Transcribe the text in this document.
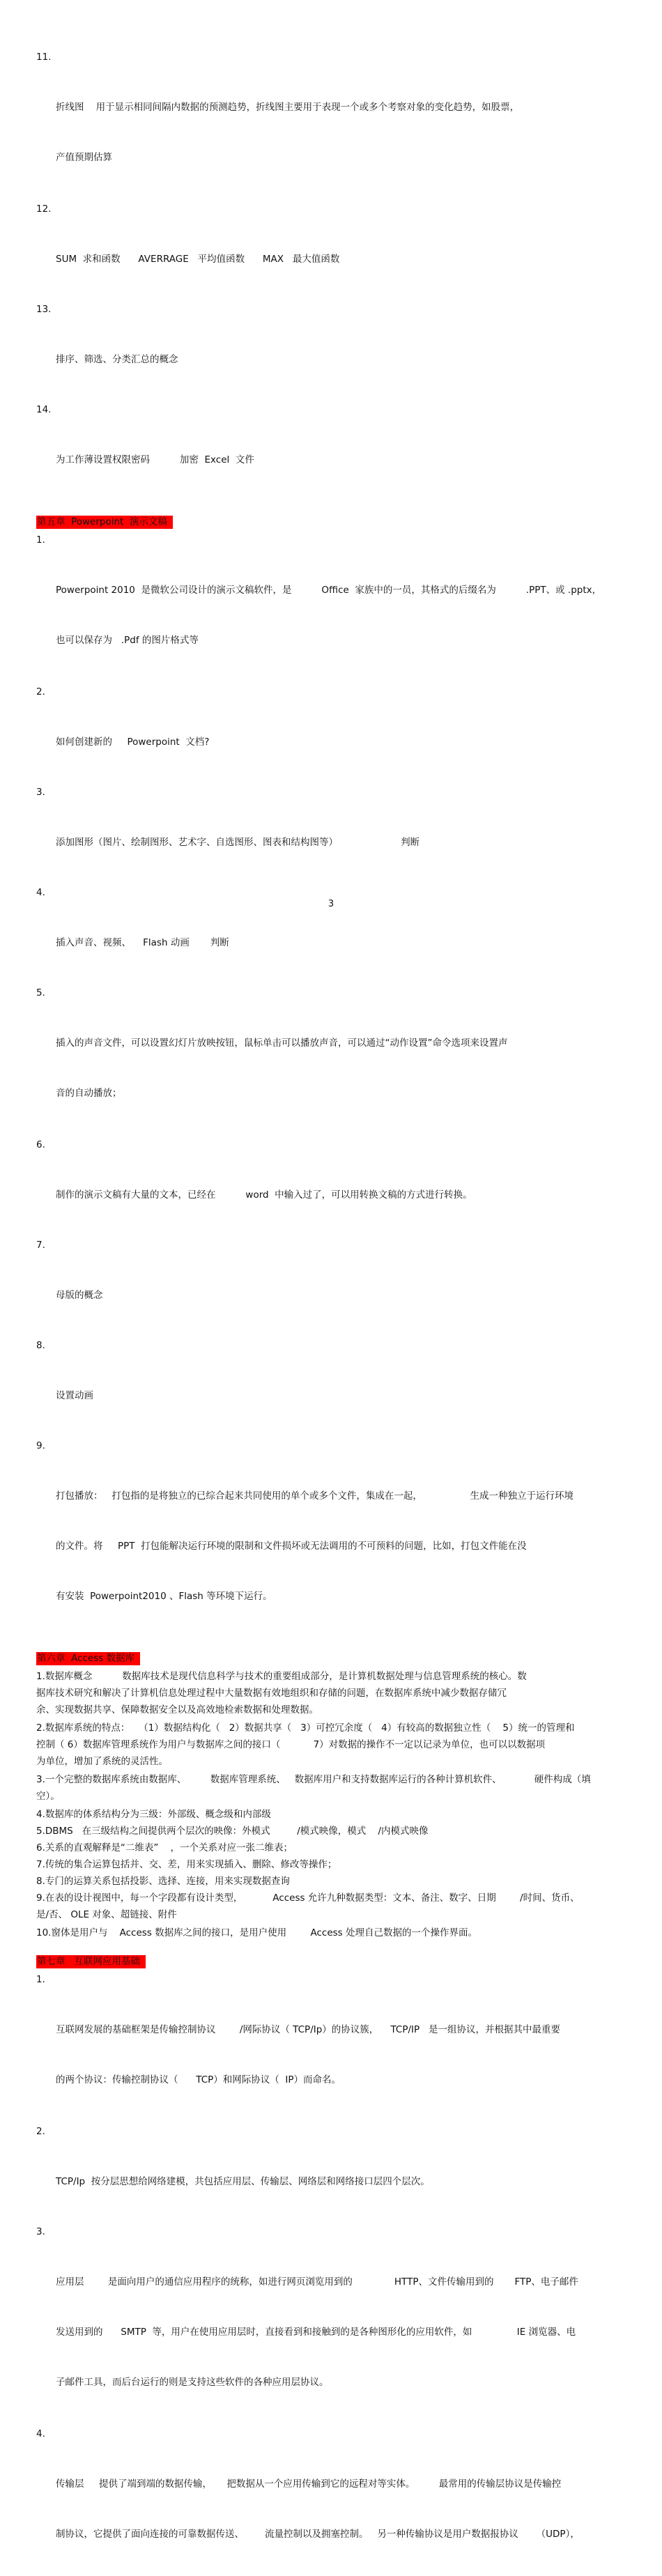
11.

折线图    用于显示相同间隔内数据的预测趋势，折线图主要用于表现一个或多个考察对象的变化趋势，如股票，

产值预期估算

12.

SUM  求和函数      AVERRAGE   平均值函数      MAX   最大值函数

13.

排序、筛选、分类汇总的概念

14.

为工作薄设置权限密码          加密  Excel  文件

第五章  Powerpoint  演示文稿

1.

Powerpoint 2010  是微软公司设计的演示文稿软件，是          Office  家族中的一员，其格式的后缀名为          .PPT、或 .pptx，

也可以保存为   .Pdf 的图片格式等

2.

如何创建新的     Powerpoint  文档?

3.

添加图形（图片、绘制图形、艺术字、自选图形、图表和结构图等）                     判断

4.

插入声音、视频、    Flash 动画       判断

5.

插入的声音文件，可以设置幻灯片放映按钮，鼠标单击可以播放声音，可以通过“动作设置”命令选项来设置声

音的自动播放；

6.

制作的演示文稿有大量的文本，已经在          word  中输入过了，可以用转换文稿的方式进行转换。

7.

母版的概念

8.

设置动画

9.

打包播放：   打包指的是将独立的已综合起来共同使用的单个或多个文件，集成在一起，                生成一种独立于运行环境

的文件。将     PPT  打包能解决运行环境的限制和文件损坏或无法调用的不可预料的问题，比如，打包文件能在没

有安装  Powerpoint2010 、Flash 等环境下运行。

第六章  Access 数据库
1.数据库概念          数据库技术是现代信息科学与技术的重要组成部分，是计算机数据处理与信息管理系统的核心。数
据库技术研究和解决了计算机信息处理过程中大量数据有效地组织和存储的问题，在数据库系统中减少数据存储冗
余、实现数据共享、保障数据安全以及高效地检索数据和处理数据。
2.数据库系统的特点：   （1）数据结构化（   2）数据共享（   3）可控冗余度（   4）有较高的数据独立性（    5）统一的管理和
控制（ 6）数据库管理系统作为用户与数据库之间的接口（           7）对数据的操作不一定以记录为单位，也可以以数据项
为单位，增加了系统的灵活性。
3.一个完整的数据库系统由数据库、        数据库管理系统、   数据库用户和支持数据库运行的各种计算机软件、           硬件构成（填
空）。
4.数据库的体系结构分为三级：外部级、概念级和内部级
5.DBMS   在三级结构之间提供两个层次的映像：外模式         /模式映像，模式    /内模式映像
6.关系的直观解释是“二维表”    ，一个关系对应一张二维表；
7.传统的集合运算包括并、交、差，用来实现插入、删除、修改等操作；
8.专门的运算关系包括投影、选择、连接，用来实现数据查询
9.在表的设计视图中，每一个字段都有设计类型，          Access 允许九种数据类型：文本、备注、数字、日期        /时间、货币、
是/否、 OLE 对象、超链接、附件
10.窗体是用户与    Access 数据库之间的接口，是用户使用        Access 处理自己数据的一个操作界面。
第七章   互联网应用基础

1.

互联网发展的基础框架是传输控制协议        /网际协议（ TCP/Ip）的协议簇，    TCP/IP   是一组协议，并根据其中最重要

的两个协议：传输控制协议（      TCP）和网际协议（  IP）而命名。

2.

TCP/Ip  按分层思想给网络建模，共包括应用层、传输层、网络层和网络接口层四个层次。

3.

应用层        是面向用户的通信应用程序的统称，如进行网页浏览用到的              HTTP、文件传输用到的       FTP、电子邮件

发送用到的      SMTP  等，用户在使用应用层时，直接看到和接触到的是各种图形化的应用软件，如               IE 浏览器、电

子邮件工具，而后台运行的则是支持这些软件的各种应用层协议。

4.

传输层     提供了端到端的数据传输，     把数据从一个应用传输到它的远程对等实体。        最常用的传输层协议是传输控

制协议，它提供了面向连接的可靠数据传送、       流量控制以及拥塞控制。   另一种传输协议是用户数据报协议      （UDP），

3
